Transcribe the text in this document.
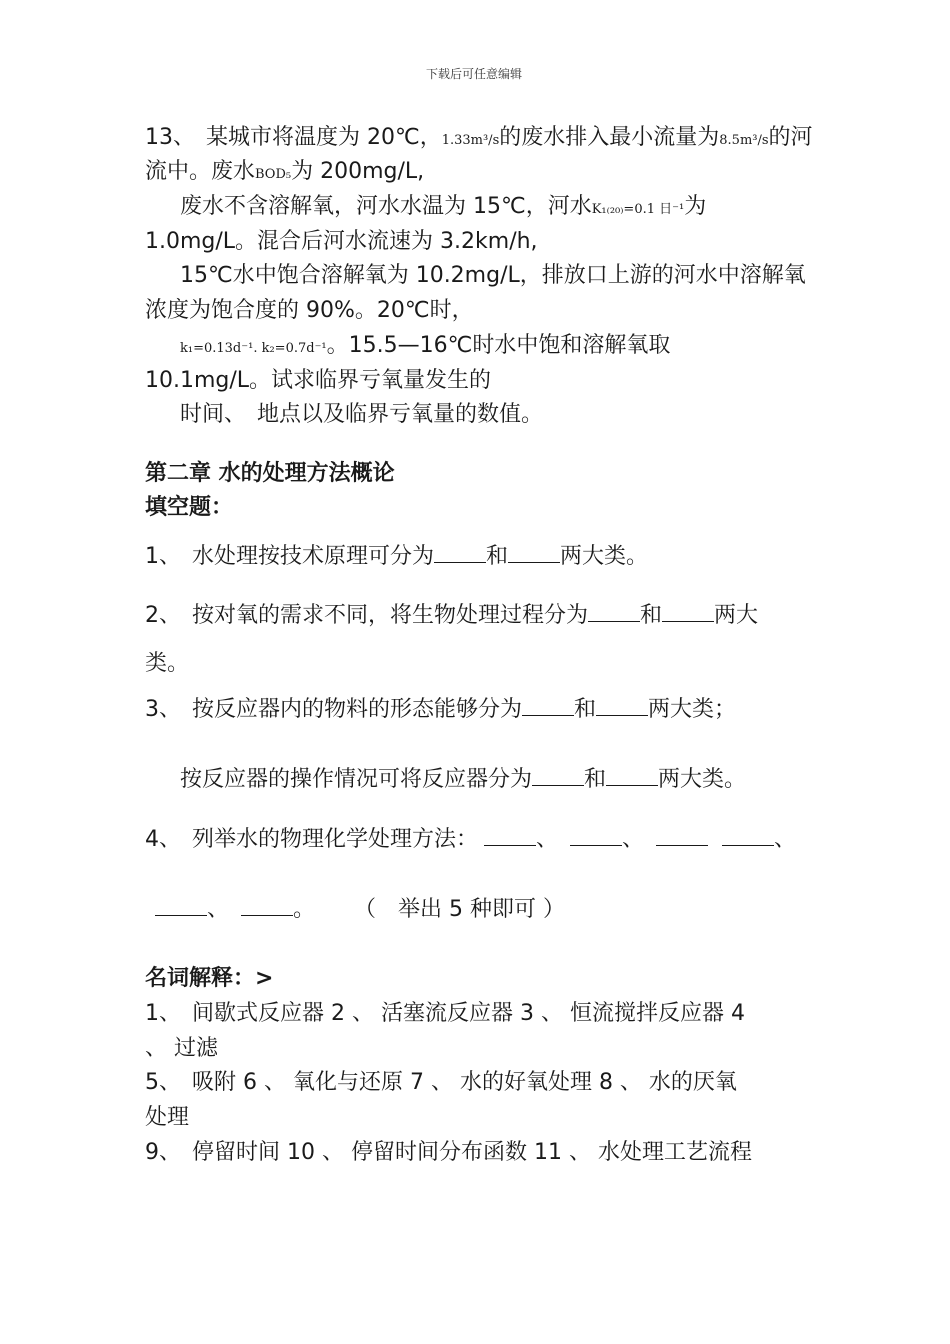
下载后可任意编辑
13、　某城市将温度为 20℃，1.33m³/s的废水排入最小流量为8.5m³/s的河
流中。废水BOD₅为 200mg/L,
废水不含溶解氧，河水水温为 15℃，河水K₁₍₂₀₎=0.1 日⁻¹为
1.0mg/L。混合后河水流速为 3.2km/h,
15℃水中饱合溶解氧为 10.2mg/L，排放口上游的河水中溶解氧
浓度为饱合度的 90%。20℃时，
k₁=0.13d⁻¹. k₂=0.7d⁻¹。15.5—16℃时水中饱和溶解氧取
10.1mg/L。试求临界亏氧量发生的
时间、　地点以及临界亏氧量的数值。
第二章 水的处理方法概论
填空题：
1、　水处理按技术原理可分为 和 两大类。
2、　按对氧的需求不同，将生物处理过程分为 和 两大
类。
3、　按反应器内的物料的形态能够分为 和 两大类；
按反应器的操作情况可将反应器分为 和 两大类。
4、　列举水的物理化学处理方法：	、	、	、
、	。 （　举出 5 种即可 ）
名词解释：>
1、　间歇式反应器 2 、 活塞流反应器 3 、 恒流搅拌反应器 4
、 过滤
5、　吸附 6 、 氧化与还原 7 、 水的好氧处理 8 、 水的厌氧
处理
9、　停留时间 10 、 停留时间分布函数 11 、 水处理工艺流程
